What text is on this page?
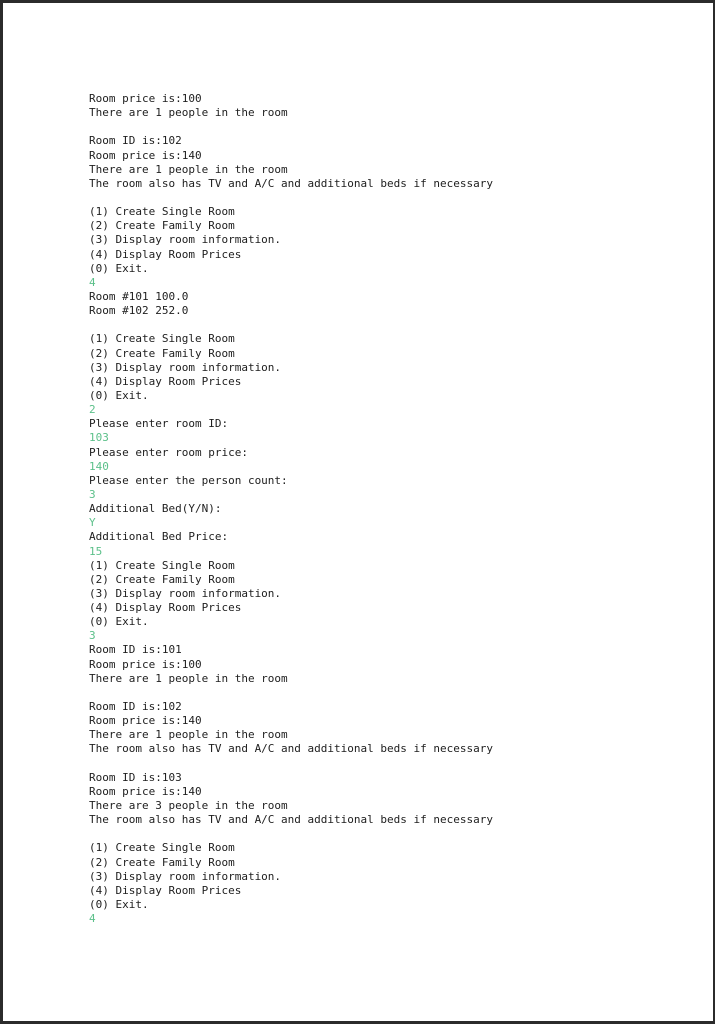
Room price is:100
There are 1 people in the room
Room ID is:102
Room price is:140
There are 1 people in the room
The room also has TV and A/C and additional beds if necessary
(1) Create Single Room
(2) Create Family Room
(3) Display room information.
(4) Display Room Prices
(0) Exit.
4
Room #101 100.0
Room #102 252.0
(1) Create Single Room
(2) Create Family Room
(3) Display room information.
(4) Display Room Prices
(0) Exit.
2
Please enter room ID:
103
Please enter room price:
140
Please enter the person count:
3
Additional Bed(Y/N):
Y
Additional Bed Price:
15
(1) Create Single Room
(2) Create Family Room
(3) Display room information.
(4) Display Room Prices
(0) Exit.
3
Room ID is:101
Room price is:100
There are 1 people in the room
Room ID is:102
Room price is:140
There are 1 people in the room
The room also has TV and A/C and additional beds if necessary
Room ID is:103
Room price is:140
There are 3 people in the room
The room also has TV and A/C and additional beds if necessary
(1) Create Single Room
(2) Create Family Room
(3) Display room information.
(4) Display Room Prices
(0) Exit.
4
